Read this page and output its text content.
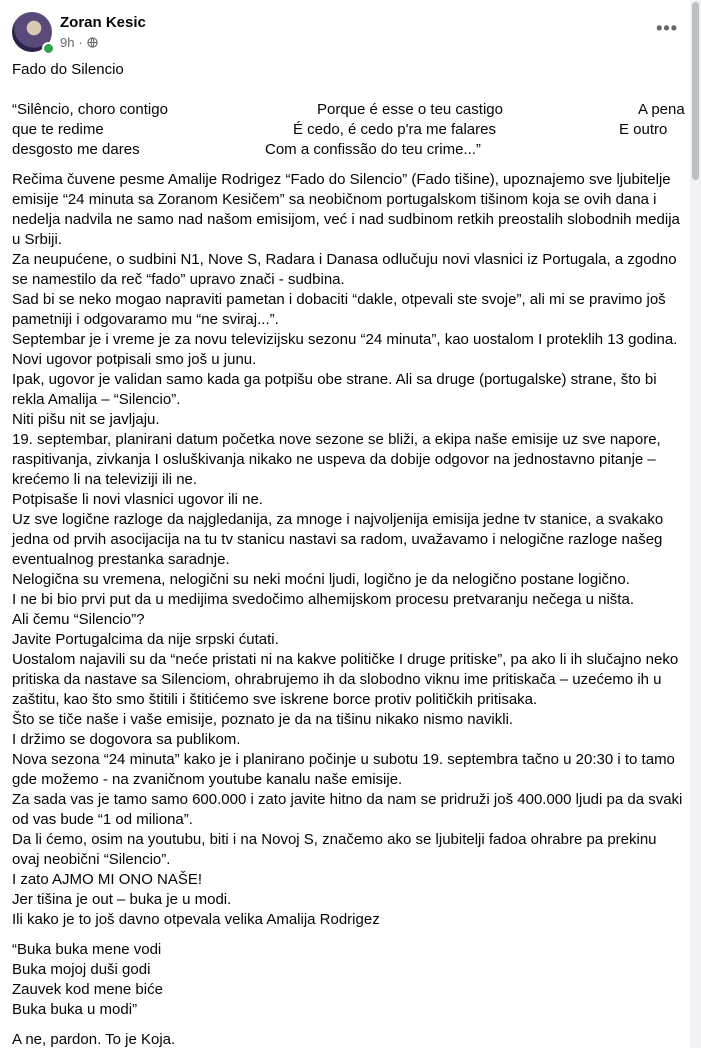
Zoran Kesic
9h ·
•••

Fado do Silencio

“Silêncio, choro contigo	Porque é esse o teu castigo	A pena
que te redime	É cedo, é cedo p'ra me falares	E outro
desgosto me dares	Com a confissão do teu crime...”

Rečima čuvene pesme Amalije Rodrigez “Fado do Silencio” (Fado tišine), upoznajemo sve ljubitelje emisije “24 minuta sa Zoranom Kesičem” sa neobičnom portugalskom tišinom koja se ovih dana i nedelja nadvila ne samo nad našom emisijom, već i nad sudbinom retkih preostalih slobodnih medija u Srbiji.

Za neupućene, o sudbini N1, Nove S, Radara i Danasa odlučuju novi vlasnici iz Portugala, a zgodno se namestilo da reč “fado” upravo znači - sudbina.

Sad bi se neko mogao napraviti pametan i dobaciti “dakle, otpevali ste svoje”, ali mi se pravimo još pametniji i odgovaramo mu “ne sviraj...”.

Septembar je i vreme je za novu televizijsku sezonu “24 minuta”, kao uostalom I proteklih 13 godina.

Novi ugovor potpisali smo još u junu.

Ipak, ugovor je validan samo kada ga potpišu obe strane. Ali sa druge (portugalske) strane, što bi rekla Amalija – “Silencio”.

Niti pišu nit se javljaju.

19. septembar, planirani datum početka nove sezone se bliži, a ekipa naše emisije uz sve napore, raspitivanja, zivkanja I osluškivanja nikako ne uspeva da dobije odgovor na jednostavno pitanje – krećemo li na televiziji ili ne.

Potpisaše li novi vlasnici ugovor ili ne.

Uz sve logične razloge da najgledanija, za mnoge i najvoljenija emisija jedne tv stanice, a svakako jedna od prvih asocijacija na tu tv stanicu nastavi sa radom, uvažavamo i nelogične razloge našeg eventualnog prestanka saradnje.

Nelogična su vremena, nelogični su neki moćni ljudi, logično je da nelogično postane logično.

I ne bi bio prvi put da u medijima svedočimo alhemijskom procesu pretvaranju nečega u ništa.

Ali čemu “Silencio”?

Javite Portugalcima da nije srpski ćutati.

Uostalom najavili su da “neće pristati ni na kakve političke I druge pritiske”, pa ako li ih slučajno neko pritiska da nastave sa Silenciom, ohrabrujemo ih da slobodno viknu ime pritiskača – uzećemo ih u zaštitu, kao što smo štitili i štitićemo sve iskrene borce protiv političkih pritisaka.

Što se tiče naše i vaše emisije, poznato je da na tišinu nikako nismo navikli.

I držimo se dogovora sa publikom.

Nova sezona “24 minuta” kako je i planirano počinje u subotu 19. septembra tačno u 20:30 i to tamo gde možemo - na zvaničnom youtube kanalu naše emisije.

Za sada vas je tamo samo 600.000 i zato javite hitno da nam se pridruži još 400.000 ljudi pa da svaki od vas bude “1 od miliona”.

Da li ćemo, osim na youtubu, biti i na Novoj S, značemo ako se ljubitelji fadoa ohrabre pa prekinu ovaj neobični “Silencio”.

I zato AJMO MI ONO NAŠE!

Jer tišina je out – buka je u modi.

Ili kako je to još davno otpevala velika Amalija Rodrigez

“Buka buka mene vodi

Buka mojoj duši godi

Zauvek kod mene biće

Buka buka u modi”

A ne, pardon. To je Koja.
